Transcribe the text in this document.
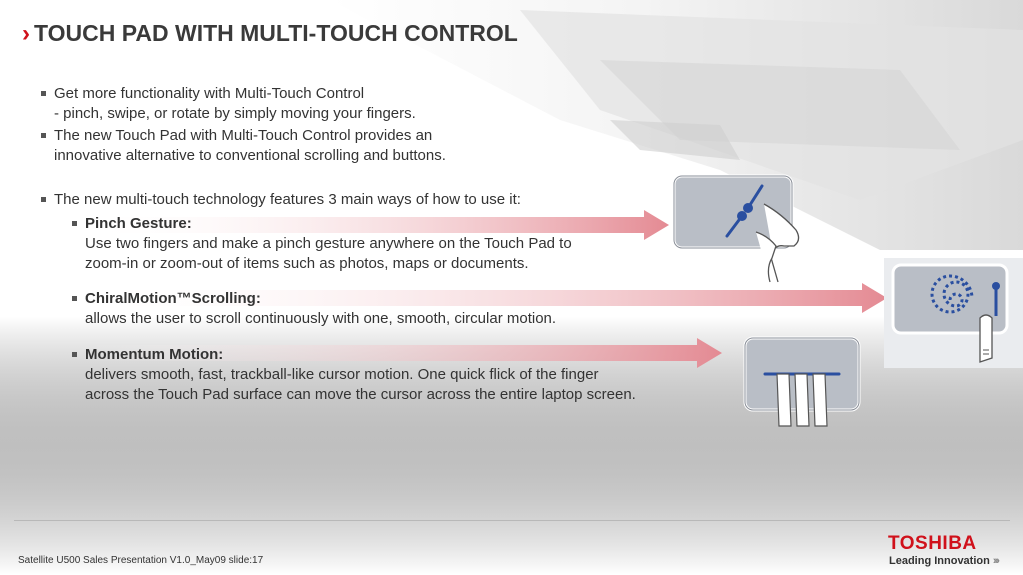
› TOUCH PAD WITH MULTI-TOUCH CONTROL
Get more functionality with Multi-Touch Control
- pinch, swipe, or rotate by simply moving your fingers.
The new Touch Pad with Multi-Touch Control provides an
innovative alternative to conventional scrolling and buttons.
The new multi-touch technology features 3 main ways of how to use it:
Pinch Gesture:
Use two fingers and make a pinch gesture anywhere on the Touch Pad to
zoom-in or zoom-out of items such as photos, maps or documents.
ChiralMotion™Scrolling:
allows the user to scroll continuously with one, smooth, circular motion.
Momentum Motion:
delivers smooth, fast, trackball-like cursor motion. One quick flick of the finger
across the Touch Pad surface can move the cursor across the entire laptop screen.
Satellite U500 Sales Presentation V1.0_May09 slide:17
TOSHIBA
Leading Innovation ›››
